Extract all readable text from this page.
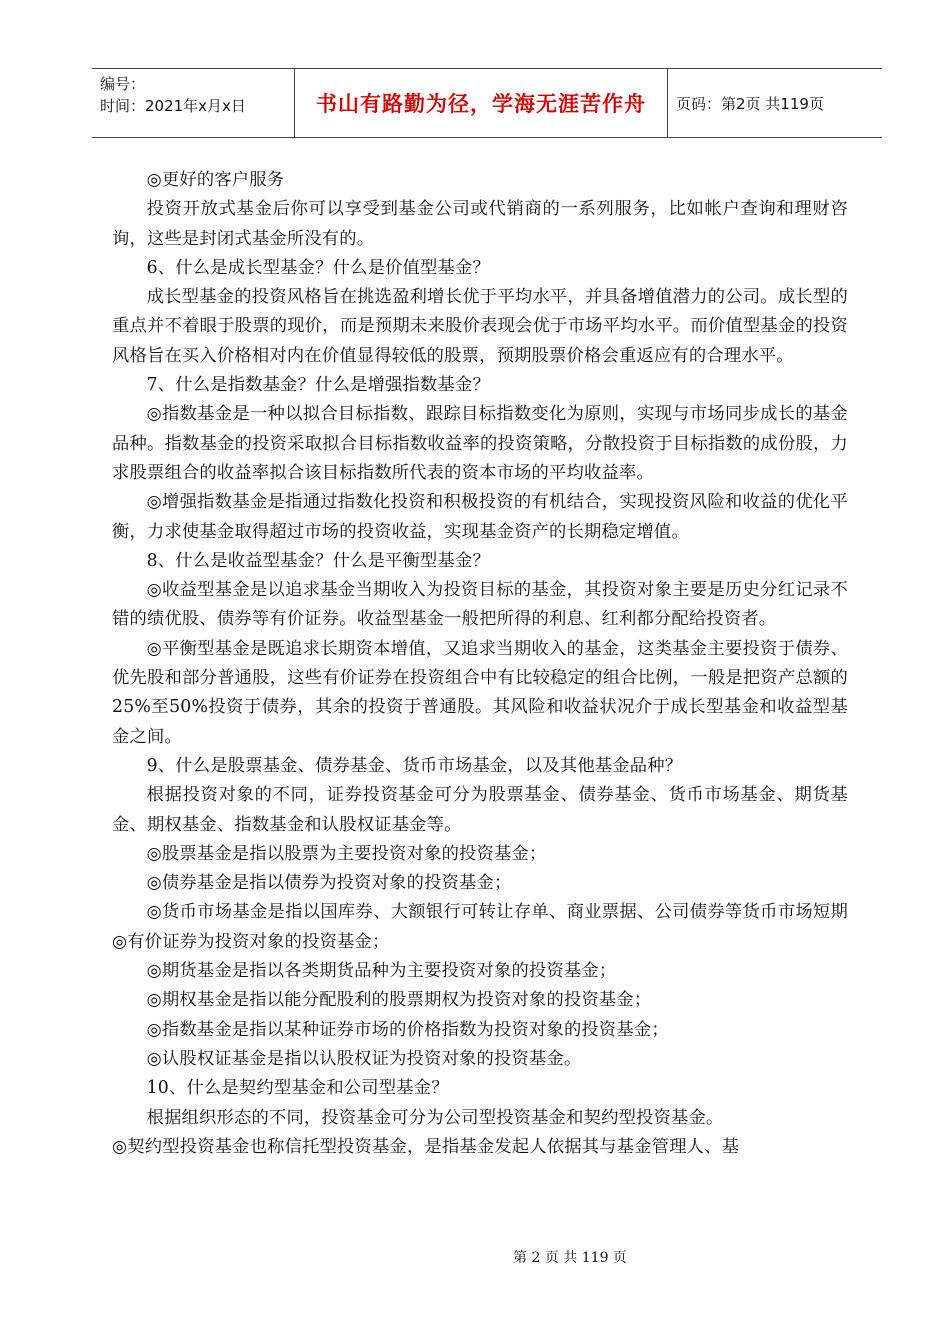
编号：
时间：2021年x月x日	书山有路勤为径，学海无涯苦作舟	页码：第2页 共119页

◎更好的客户服务

投资开放式基金后你可以享受到基金公司或代销商的一系列服务，比如帐户查询和理财咨询，这些是封闭式基金所没有的。

6、什么是成长型基金？什么是价值型基金？

成长型基金的投资风格旨在挑选盈利增长优于平均水平，并具备增值潜力的公司。成长型的重点并不着眼于股票的现价，而是预期未来股价表现会优于市场平均水平。而价值型基金的投资风格旨在买入价格相对内在价值显得较低的股票，预期股票价格会重返应有的合理水平。

7、什么是指数基金？什么是增强指数基金？

◎指数基金是一种以拟合目标指数、跟踪目标指数变化为原则，实现与市场同步成长的基金品种。指数基金的投资采取拟合目标指数收益率的投资策略，分散投资于目标指数的成份股，力求股票组合的收益率拟合该目标指数所代表的资本市场的平均收益率。

◎增强指数基金是指通过指数化投资和积极投资的有机结合，实现投资风险和收益的优化平衡，力求使基金取得超过市场的投资收益，实现基金资产的长期稳定增值。

8、什么是收益型基金？什么是平衡型基金？

◎收益型基金是以追求基金当期收入为投资目标的基金，其投资对象主要是历史分红记录不错的绩优股、债券等有价证券。收益型基金一般把所得的利息、红利都分配给投资者。

◎平衡型基金是既追求长期资本增值，又追求当期收入的基金，这类基金主要投资于债券、优先股和部分普通股，这些有价证券在投资组合中有比较稳定的组合比例，一般是把资产总额的25%至50%投资于债券，其余的投资于普通股。其风险和收益状况介于成长型基金和收益型基金之间。

9、什么是股票基金、债券基金、货币市场基金，以及其他基金品种？

根据投资对象的不同，证券投资基金可分为股票基金、债券基金、货币市场基金、期货基金、期权基金、指数基金和认股权证基金等。

◎股票基金是指以股票为主要投资对象的投资基金；

◎债券基金是指以债券为投资对象的投资基金；

◎货币市场基金是指以国库券、大额银行可转让存单、商业票据、公司债券等货币市场短期◎有价证券为投资对象的投资基金；

◎期货基金是指以各类期货品种为主要投资对象的投资基金；

◎期权基金是指以能分配股利的股票期权为投资对象的投资基金；

◎指数基金是指以某种证券市场的价格指数为投资对象的投资基金；

◎认股权证基金是指以认股权证为投资对象的投资基金。

10、什么是契约型基金和公司型基金？

根据组织形态的不同，投资基金可分为公司型投资基金和契约型投资基金。

◎契约型投资基金也称信托型投资基金，是指基金发起人依据其与基金管理人、基

第 2 页 共 119 页
